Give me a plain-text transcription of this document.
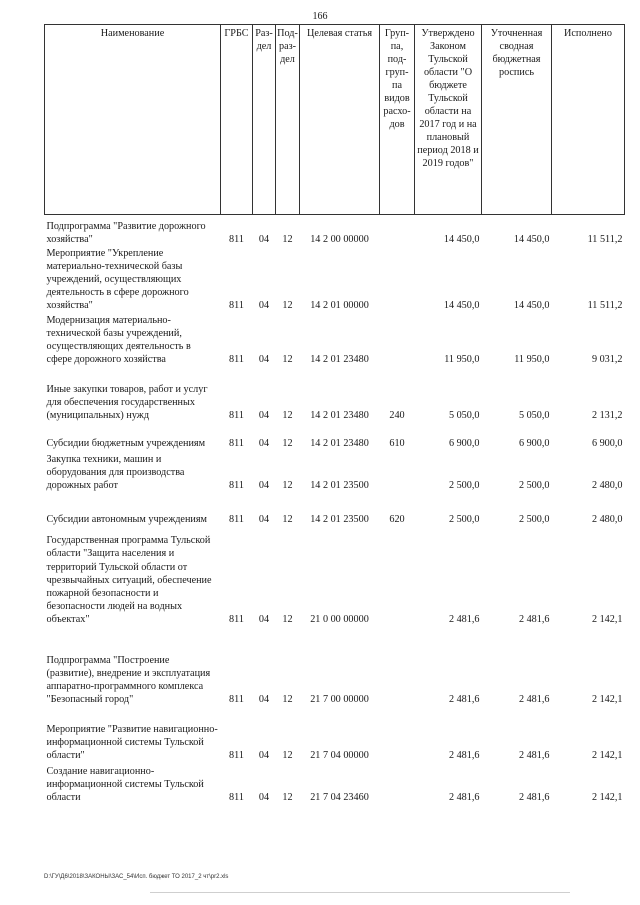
166
Наименование	ГРБС	Раз-дел	Под-раз-дел	Целевая статья	Груп-па, под-груп-па видов расхо-дов	Утверждено Законом Тульской области "О бюджете Тульской области на 2017 год и на плановый период 2018 и 2019 годов"	Уточненная сводная бюджетная роспись	Исполнено
Подпрограмма "Развитие дорожного хозяйства"	811	04	12	14 2 00 00000		14 450,0	14 450,0	11 511,2
Мероприятие "Укрепление материально-технической базы учреждений, осуществляющих деятельность в сфере дорожного хозяйства"	811	04	12	14 2 01 00000		14 450,0	14 450,0	11 511,2
Модернизация материально-технической базы учреждений, осуществляющих деятельность в сфере дорожного хозяйства	811	04	12	14 2 01 23480		11 950,0	11 950,0	9 031,2
Иные закупки товаров, работ и услуг для обеспечения государственных (муниципальных) нужд	811	04	12	14 2 01 23480	240	5 050,0	5 050,0	2 131,2
Субсидии бюджетным учреждениям	811	04	12	14 2 01 23480	610	6 900,0	6 900,0	6 900,0
Закупка техники, машин и оборудования для производства дорожных работ	811	04	12	14 2 01 23500		2 500,0	2 500,0	2 480,0
Субсидии автономным учреждениям	811	04	12	14 2 01 23500	620	2 500,0	2 500,0	2 480,0
Государственная программа Тульской области "Защита населения и территорий Тульской области от чрезвычайных ситуаций, обеспечение пожарной безопасности и безопасности людей на водных объектах"	811	04	12	21 0 00 00000		2 481,6	2 481,6	2 142,1
Подпрограмма "Построение (развитие), внедрение и эксплуатация аппаратно-программного комплекса "Безопасный город"	811	04	12	21 7 00 00000		2 481,6	2 481,6	2 142,1
Мероприятие "Развитие навигационно-информационной системы Тульской области"	811	04	12	21 7 04 00000		2 481,6	2 481,6	2 142,1
Создание навигационно-информационной системы Тульской области	811	04	12	21 7 04 23460		2 481,6	2 481,6	2 142,1
D:\ГУ\Д6\2018\ЗАКОНЫ\ЗАС_54\Исп. бюджет ТО 2017_2 чт\pr2.xls
